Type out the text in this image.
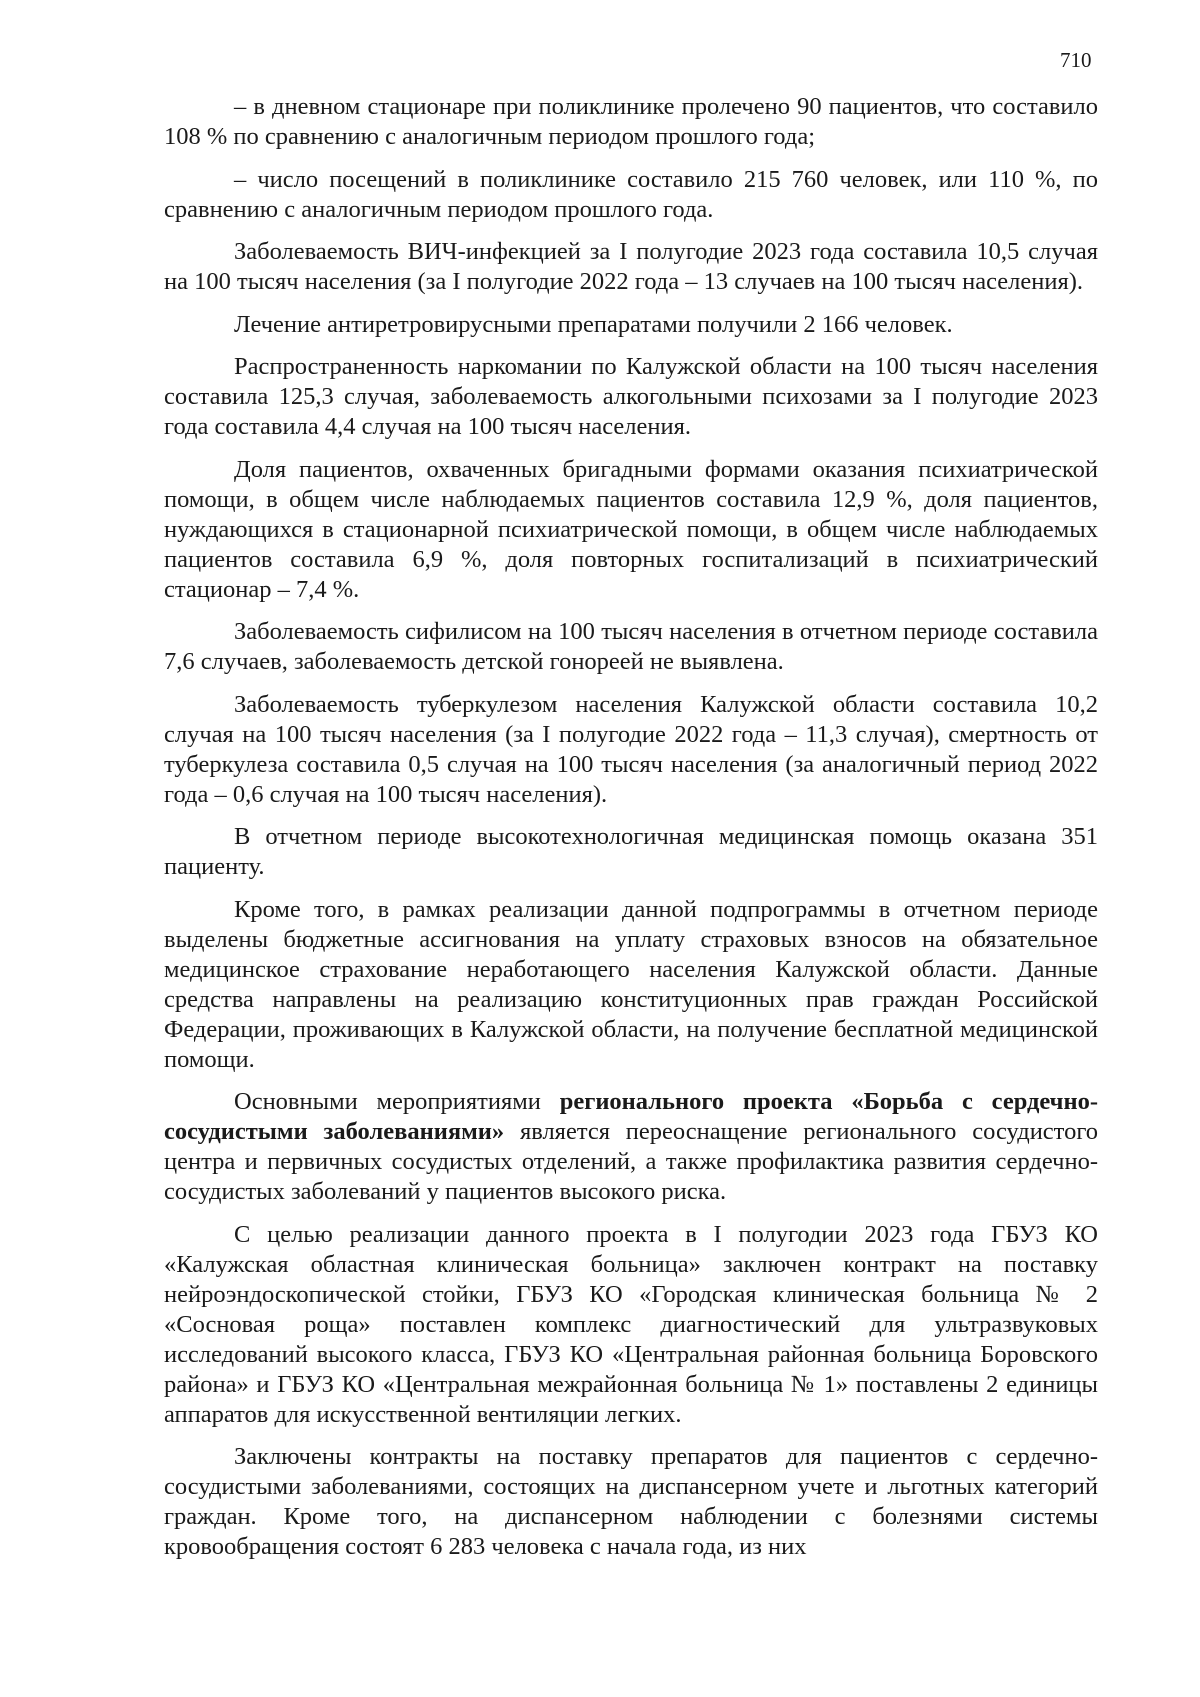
710

– в дневном стационаре при поликлинике пролечено 90 пациентов, что составило 108 % по сравнению с аналогичным периодом прошлого года;

– число посещений в поликлинике составило 215 760 человек, или 110 %, по сравнению с аналогичным периодом прошлого года.

Заболеваемость ВИЧ-инфекцией за I полугодие 2023 года составила 10,5 случая на 100 тысяч населения (за I полугодие 2022 года – 13 случаев на 100 тысяч населения).

Лечение антиретровирусными препаратами получили 2 166 человек.

Распространенность наркомании по Калужской области на 100 тысяч населения составила 125,3 случая, заболеваемость алкогольными психозами за I полугодие 2023 года составила 4,4 случая на 100 тысяч населения.

Доля пациентов, охваченных бригадными формами оказания психиатрической помощи, в общем числе наблюдаемых пациентов составила 12,9 %, доля пациентов, нуждающихся в стационарной психиатрической помощи, в общем числе наблюдаемых пациентов составила 6,9 %, доля повторных госпитализаций в психиатрический стационар – 7,4 %.

Заболеваемость сифилисом на 100 тысяч населения в отчетном периоде составила 7,6 случаев, заболеваемость детской гонореей не выявлена.

Заболеваемость туберкулезом населения Калужской области составила 10,2 случая на 100 тысяч населения (за I полугодие 2022 года – 11,3 случая), смертность от туберкулеза составила 0,5 случая на 100 тысяч населения (за аналогичный период 2022 года – 0,6 случая на 100 тысяч населения).

В отчетном периоде высокотехнологичная медицинская помощь оказана 351 пациенту.

Кроме того, в рамках реализации данной подпрограммы в отчетном периоде выделены бюджетные ассигнования на уплату страховых взносов на обязательное медицинское страхование неработающего населения Калужской области. Данные средства направлены на реализацию конституционных прав граждан Российской Федерации, проживающих в Калужской области, на получение бесплатной медицинской помощи.

Основными мероприятиями регионального проекта «Борьба с сердечно-сосудистыми заболеваниями» является переоснащение регионального сосудистого центра и первичных сосудистых отделений, а также профилактика развития сердечно-сосудистых заболеваний у пациентов высокого риска.

С целью реализации данного проекта в I полугодии 2023 года ГБУЗ КО «Калужская областная клиническая больница» заключен контракт на поставку нейроэндоскопической стойки, ГБУЗ КО «Городская клиническая больница № 2 «Сосновая роща» поставлен комплекс диагностический для ультразвуковых исследований высокого класса, ГБУЗ КО «Центральная районная больница Боровского района» и ГБУЗ КО «Центральная межрайонная больница № 1» поставлены 2 единицы аппаратов для искусственной вентиляции легких.

Заключены контракты на поставку препаратов для пациентов с сердечно-сосудистыми заболеваниями, состоящих на диспансерном учете и льготных категорий граждан. Кроме того, на диспансерном наблюдении с болезнями системы кровообращения состоят 6 283 человека с начала года, из них
